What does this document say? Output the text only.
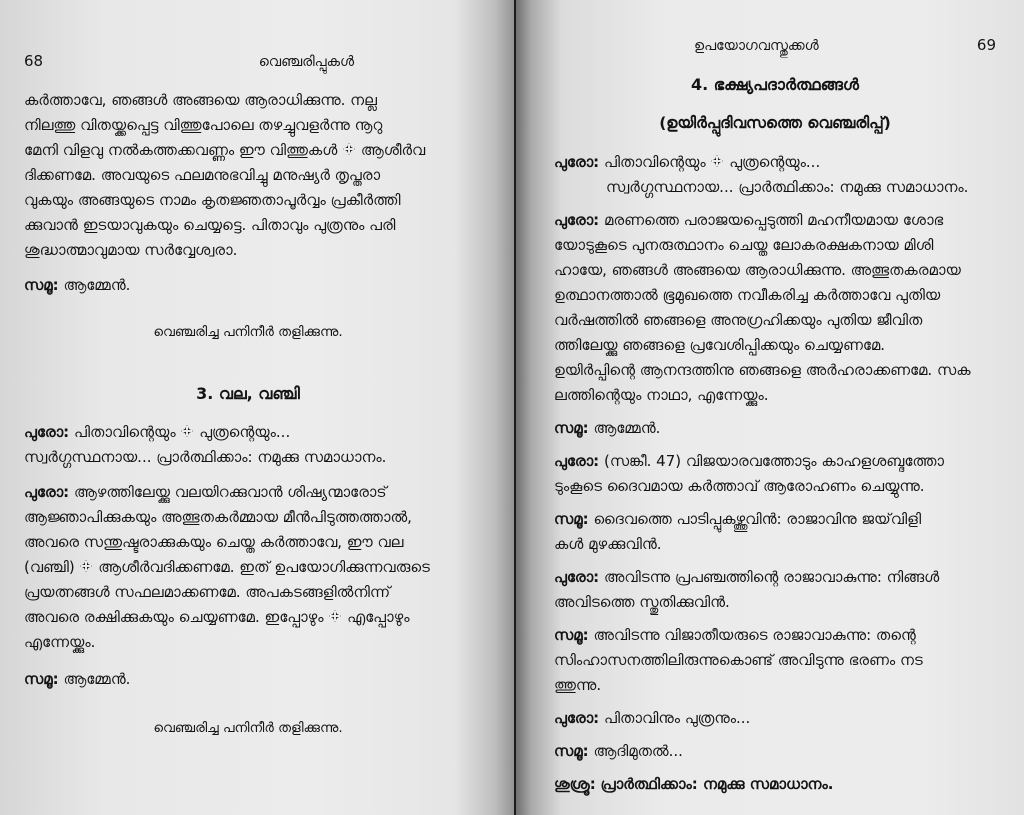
68	വെഞ്ചരിപ്പുകൾ

കർത്താവേ, ഞങ്ങൾ അങ്ങയെ ആരാധിക്കുന്നു. നല്ല

നിലത്തു വിതയ്ക്കപ്പെട്ട വിത്തുപോലെ തഴച്ചുവളർന്നു നൂറു

മേനി വിളവു നൽകത്തക്കവണ്ണം ഈ വിത്തുകൾ ആശീർവ

ദിക്കണമേ. അവയുടെ ഫലമനുഭവിച്ചു മനുഷ്യർ തൃപ്തരാ

വുകയും അങ്ങയുടെ നാമം കൃതജ്ഞതാപൂർവ്വം പ്രകീർത്തി

ക്കുവാൻ ഇടയാവുകയും ചെയ്യട്ടെ. പിതാവും പുത്രനും പരി

ശുദ്ധാത്മാവുമായ സർവ്വേശ്വരാ.

സമൂ: ആമ്മേൻ.

വെഞ്ചരിച്ച പനിനീർ തളിക്കുന്നു.

3. വല, വഞ്ചി

പുരോ: പിതാവിന്റെയും പുത്രന്റെയും...

സ്വർഗ്ഗസ്ഥനായ... പ്രാർത്ഥിക്കാം: നമുക്കു സമാധാനം.

പുരോ: ആഴത്തിലേയ്ക്കു വലയിറക്കുവാൻ ശിഷ്യന്മാരോട്

ആജ്ഞാപിക്കുകയും അത്ഭുതകർമ്മായ മീൻപിടുത്തത്താൽ,

അവരെ സന്തുഷ്ടരാക്കുകയും ചെയ്ത കർത്താവേ, ഈ വല

(വഞ്ചി) ആശീർവദിക്കണമേ. ഇത് ഉപയോഗിക്കുന്നവരുടെ

പ്രയത്നങ്ങൾ സഫലമാക്കണമേ. അപകടങ്ങളിൽനിന്ന്

അവരെ രക്ഷിക്കുകയും ചെയ്യണമേ. ഇപ്പോഴും എപ്പോഴും

എന്നേയ്ക്കും.

സമൂ: ആമ്മേൻ.

വെഞ്ചരിച്ച പനിനീർ തളിക്കുന്നു.

ഉപയോഗവസ്തുക്കൾ	69

4. ഭക്ഷ്യപദാർത്ഥങ്ങൾ

(ഉയിർപ്പുദിവസത്തെ വെഞ്ചരിപ്പ്)

പുരോ: പിതാവിന്റെയും പുത്രന്റെയും...

സ്വർഗ്ഗസ്ഥനായ... പ്രാർത്ഥിക്കാം: നമുക്കു സമാധാനം.

പുരോ: മരണത്തെ പരാജയപ്പെടുത്തി മഹനീയമായ ശോഭ

യോടുകൂടെ പുനരുത്ഥാനം ചെയ്ത ലോകരക്ഷകനായ മിശി

ഹായേ, ഞങ്ങൾ അങ്ങയെ ആരാധിക്കുന്നു. അത്ഭുതകരമായ

ഉത്ഥാനത്താൽ ഭൂമുഖത്തെ നവീകരിച്ച കർത്താവേ പുതിയ

വർഷത്തിൽ ഞങ്ങളെ അനുഗ്രഹിക്കയും പുതിയ ജീവിത

ത്തിലേയ്ക്കു ഞങ്ങളെ പ്രവേശിപ്പിക്കയും ചെയ്യണമേ.

ഉയിർപ്പിന്റെ ആനന്ദത്തിനു ഞങ്ങളെ അർഹരാക്കണമേ. സക

ലത്തിന്റെയും നാഥാ, എന്നേയ്ക്കും.

സമൂ: ആമ്മേൻ.

പുരോ: (സങ്കീ. 47) വിജയാരവത്തോടും കാഹളശബ്ദത്തോ

ടുംകൂടെ ദൈവമായ കർത്താവ് ആരോഹണം ചെയ്യുന്നു.

സമൂ: ദൈവത്തെ പാടിപ്പുകഴ്ത്തുവിൻ: രാജാവിനു ജയ്‌വിളി

കൾ മുഴക്കുവിൻ.

പുരോ: അവിടന്നു പ്രപഞ്ചത്തിന്റെ രാജാവാകുന്നു: നിങ്ങൾ

അവിടത്തെ സ്തുതിക്കുവിൻ.

സമൂ: അവിടന്നു വിജാതീയരുടെ രാജാവാകുന്നു: തന്റെ

സിംഹാസനത്തിലിരുന്നുകൊണ്ട് അവിടുന്നു ഭരണം നട

ത്തുന്നു.

പുരോ: പിതാവിനും പുത്രനും...

സമൂ: ആദിമുതൽ...

ശുശ്രൂ: പ്രാർത്ഥിക്കാം: നമുക്കു സമാധാനം.
